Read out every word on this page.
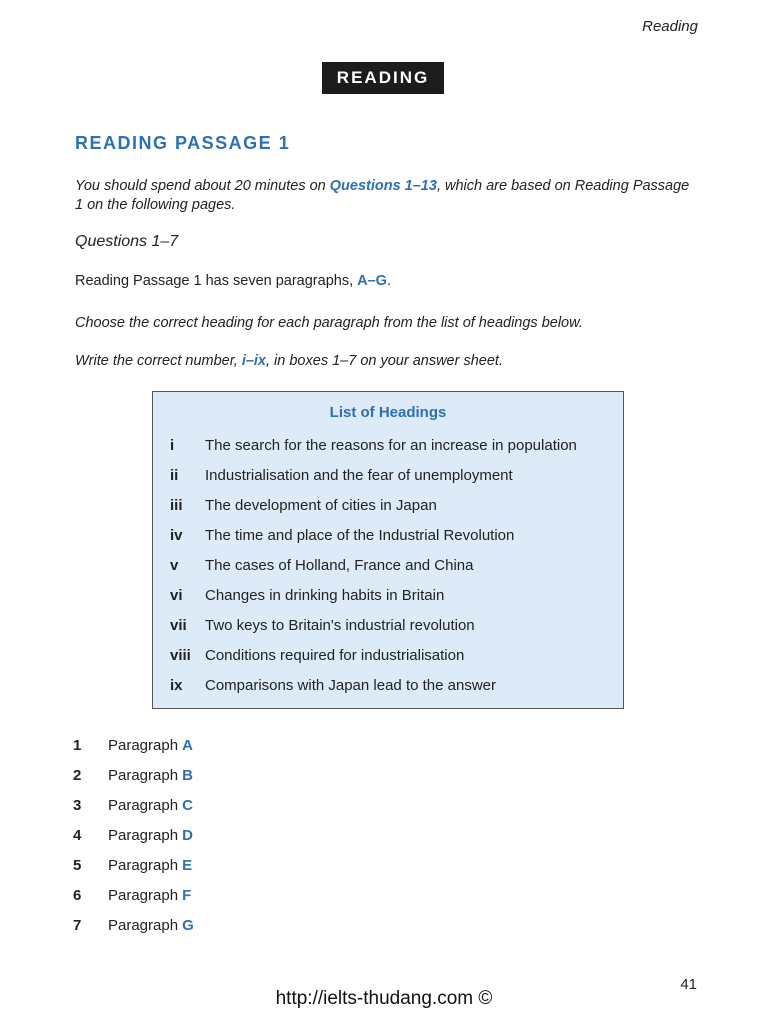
Reading
READING
READING PASSAGE 1
You should spend about 20 minutes on Questions 1–13, which are based on Reading Passage 1 on the following pages.
Questions 1–7
Reading Passage 1 has seven paragraphs, A–G.
Choose the correct heading for each paragraph from the list of headings below.
Write the correct number, i–ix, in boxes 1–7 on your answer sheet.
List of Headings
i The search for the reasons for an increase in population
ii Industrialisation and the fear of unemployment
iii The development of cities in Japan
iv The time and place of the Industrial Revolution
v The cases of Holland, France and China
vi Changes in drinking habits in Britain
vii Two keys to Britain's industrial revolution
viii Conditions required for industrialisation
ix Comparisons with Japan lead to the answer
1 Paragraph A
2 Paragraph B
3 Paragraph C
4 Paragraph D
5 Paragraph E
6 Paragraph F
7 Paragraph G
41
http://ielts-thudang.com ©
